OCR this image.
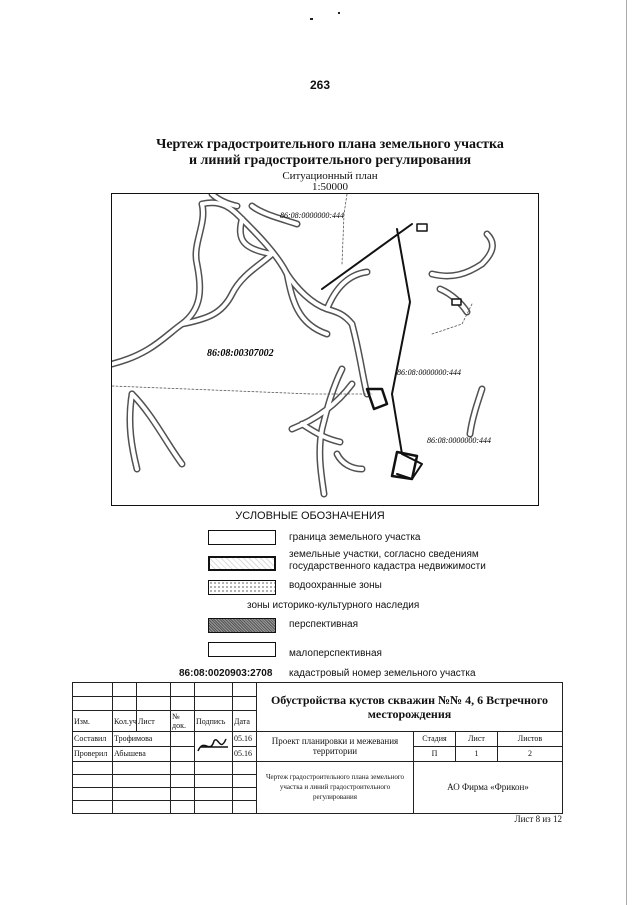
263
Чертеж градостроительного плана земельного участка
и линий градостроительного регулирования
Ситуационный план
1:50000
86:08:0000000:444
86:08:00307002
86:08:0000000:444
86:08:0000000:444
УСЛОВНЫЕ ОБОЗНАЧЕНИЯ
граница земельного участка
земельные участки, согласно сведениям
государственного кадастра недвижимости
водоохранные зоны
зоны историко-культурного наследия
перспективная
малоперспективная
86:08:0020903:2708 кадастровый номер земельного участка
						Обустройства кустов скважин №№ 4, 6 Встречного месторождения			

Изм.	Кол.уч	Лист	№ док.	Подпись	Дата				
Составил	Трофимова				05.16	Проект планировки и межевания территории	Стадия	Лист	Листов
Проверил	Абышева				05.16		П	1	2
						Чертеж градостроительного плана земельного участка и линий градостроительного регулирования	АО Фирма «Фрикон»		

Лист 8 из 12
